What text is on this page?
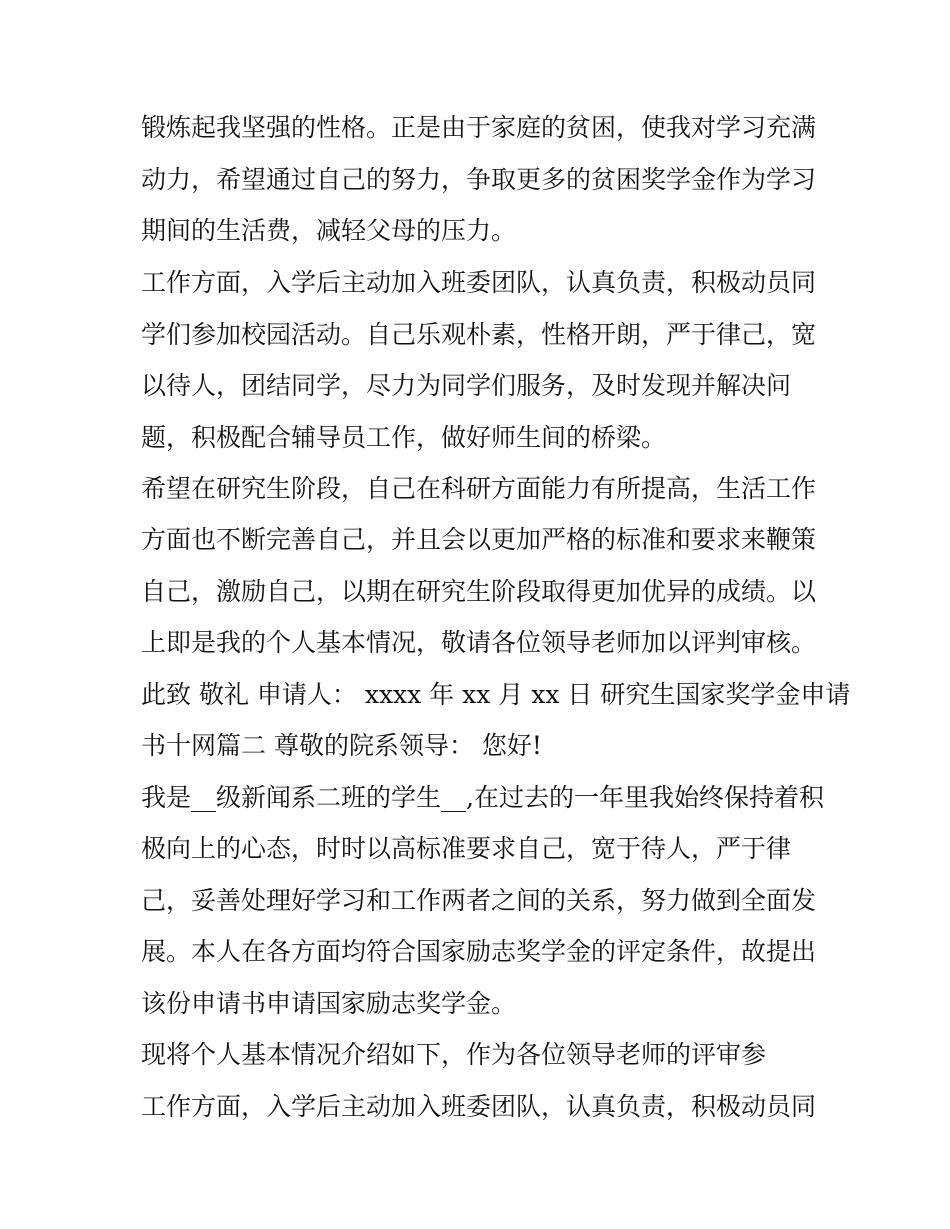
锻炼起我坚强的性格。正是由于家庭的贫困，使我对学习充满
动力，希望通过自己的努力，争取更多的贫困奖学金作为学习
期间的生活费，减轻父母的压力。
工作方面，入学后主动加入班委团队，认真负责，积极动员同
学们参加校园活动。自己乐观朴素，性格开朗，严于律己，宽
以待人，团结同学，尽力为同学们服务，及时发现并解决问
题，积极配合辅导员工作，做好师生间的桥梁。
希望在研究生阶段，自己在科研方面能力有所提高，生活工作
方面也不断完善自己，并且会以更加严格的标准和要求来鞭策
自己，激励自己，以期在研究生阶段取得更加优异的成绩。以
上即是我的个人基本情况，敬请各位领导老师加以评判审核。
此致 敬礼 申请人： xxxx 年 xx 月 xx 日 研究生国家奖学金申请
书十网篇二 尊敬的院系领导： 您好!
我是__级新闻系二班的学生__,在过去的一年里我始终保持着积
极向上的心态，时时以高标准要求自己，宽于待人，严于律
己，妥善处理好学习和工作两者之间的关系，努力做到全面发
展。本人在各方面均符合国家励志奖学金的评定条件，故提出
该份申请书申请国家励志奖学金。
现将个人基本情况介绍如下，作为各位领导老师的评审参
工作方面，入学后主动加入班委团队，认真负责，积极动员同
